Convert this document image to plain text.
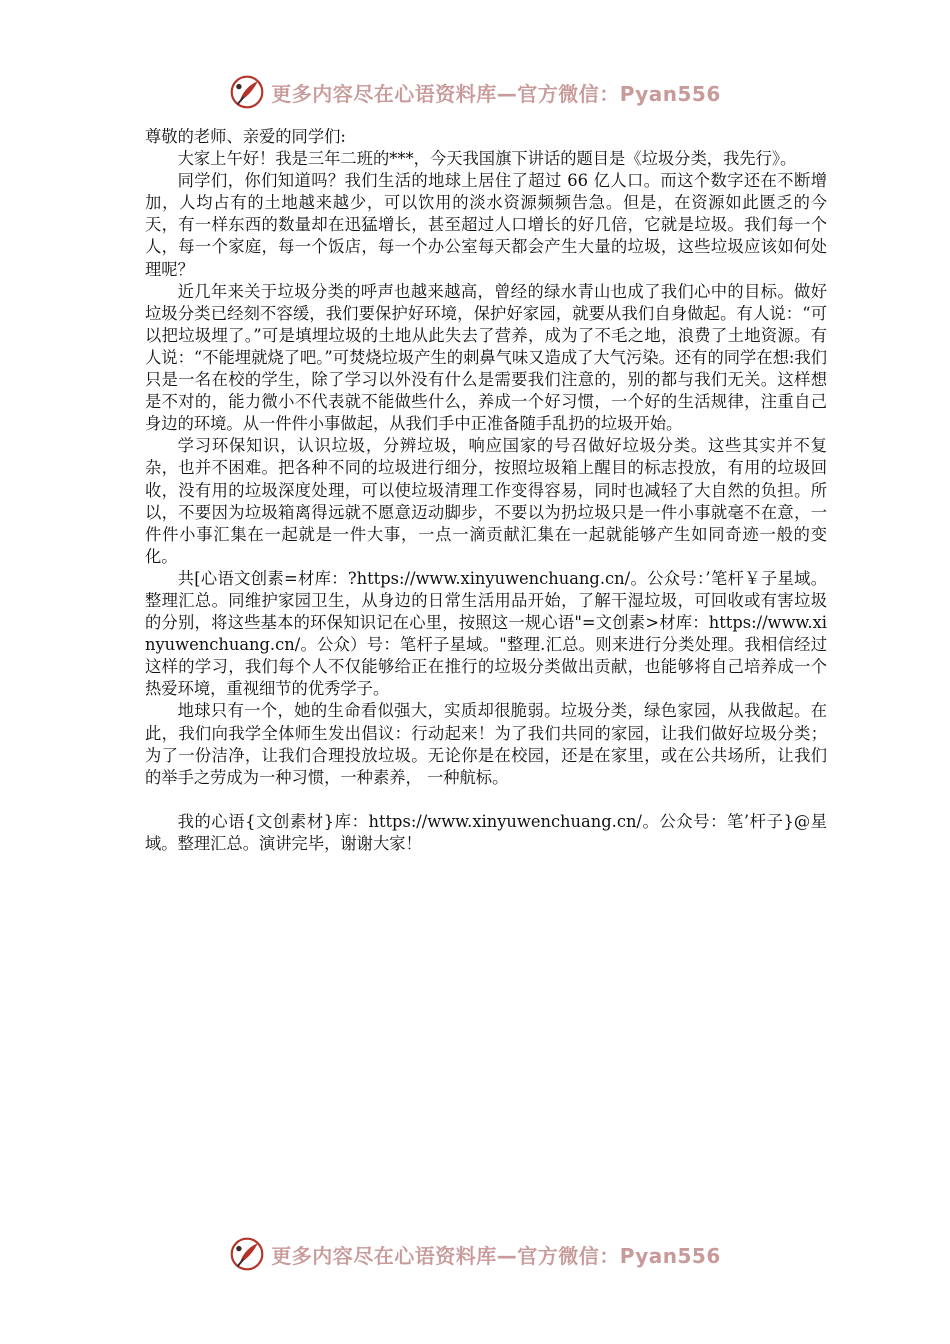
更多内容尽在心语资料库—官方微信：Pyan556

尊敬的老师、亲爱的同学们:

大家上午好！我是三年二班的***，今天我国旗下讲话的题目是《垃圾分类，我先行》。

同学们，你们知道吗？我们生活的地球上居住了超过 66 亿人口。而这个数字还在不断增加，人均占有的土地越来越少，可以饮用的淡水资源频频告急。但是，在资源如此匮乏的今天，有一样东西的数量却在迅猛增长，甚至超过人口增长的好几倍，它就是垃圾。我们每一个人，每一个家庭，每一个饭店，每一个办公室每天都会产生大量的垃圾，这些垃圾应该如何处理呢？

近几年来关于垃圾分类的呼声也越来越高，曾经的绿水青山也成了我们心中的目标。做好垃圾分类已经刻不容缓，我们要保护好环境，保护好家园，就要从我们自身做起。有人说：“可以把垃圾埋了。”可是填埋垃圾的土地从此失去了营养，成为了不毛之地，浪费了土地资源。有人说：“不能埋就烧了吧。”可焚烧垃圾产生的刺鼻气味又造成了大气污染。还有的同学在想:我们只是一名在校的学生，除了学习以外没有什么是需要我们注意的，别的都与我们无关。这样想是不对的，能力微小不代表就不能做些什么，养成一个好习惯，一个好的生活规律，注重自己身边的环境。从一件件小事做起，从我们手中正准备随手乱扔的垃圾开始。

学习环保知识，认识垃圾，分辨垃圾，响应国家的号召做好垃圾分类。这些其实并不复杂，也并不困难。把各种不同的垃圾进行细分，按照垃圾箱上醒目的标志投放，有用的垃圾回收，没有用的垃圾深度处理，可以使垃圾清理工作变得容易，同时也减轻了大自然的负担。所以，不要因为垃圾箱离得远就不愿意迈动脚步，不要以为扔垃圾只是一件小事就毫不在意，一件件小事汇集在一起就是一件大事，一点一滴贡献汇集在一起就能够产生如同奇迹一般的变化。

共[心语文创素=材库：?https://www.xinyuwenchuang.cn/。公众号：’笔杆￥子星域。整理汇总。同维护家园卫生，从身边的日常生活用品开始，了解干湿垃圾，可回收或有害垃圾的分别，将这些基本的环保知识记在心里，按照这一规心语"=文创素>材库：https://www.xinyuwenchuang.cn/。公众）号：笔杆子星域。"整理.汇总。则来进行分类处理。我相信经过这样的学习，我们每个人不仅能够给正在推行的垃圾分类做出贡献，也能够将自己培养成一个热爱环境，重视细节的优秀学子。

地球只有一个，她的生命看似强大，实质却很脆弱。垃圾分类，绿色家园，从我做起。在此，我们向我学全体师生发出倡议：行动起来！为了我们共同的家园，让我们做好垃圾分类；为了一份洁净，让我们合理投放垃圾。无论你是在校园，还是在家里，或在公共场所，让我们的举手之劳成为一种习惯，一种素养， 一种航标。

我的心语{文创素材}库：https://www.xinyuwenchuang.cn/。公众号：笔’杆子}@星域。整理汇总。演讲完毕，谢谢大家！

更多内容尽在心语资料库—官方微信：Pyan556
